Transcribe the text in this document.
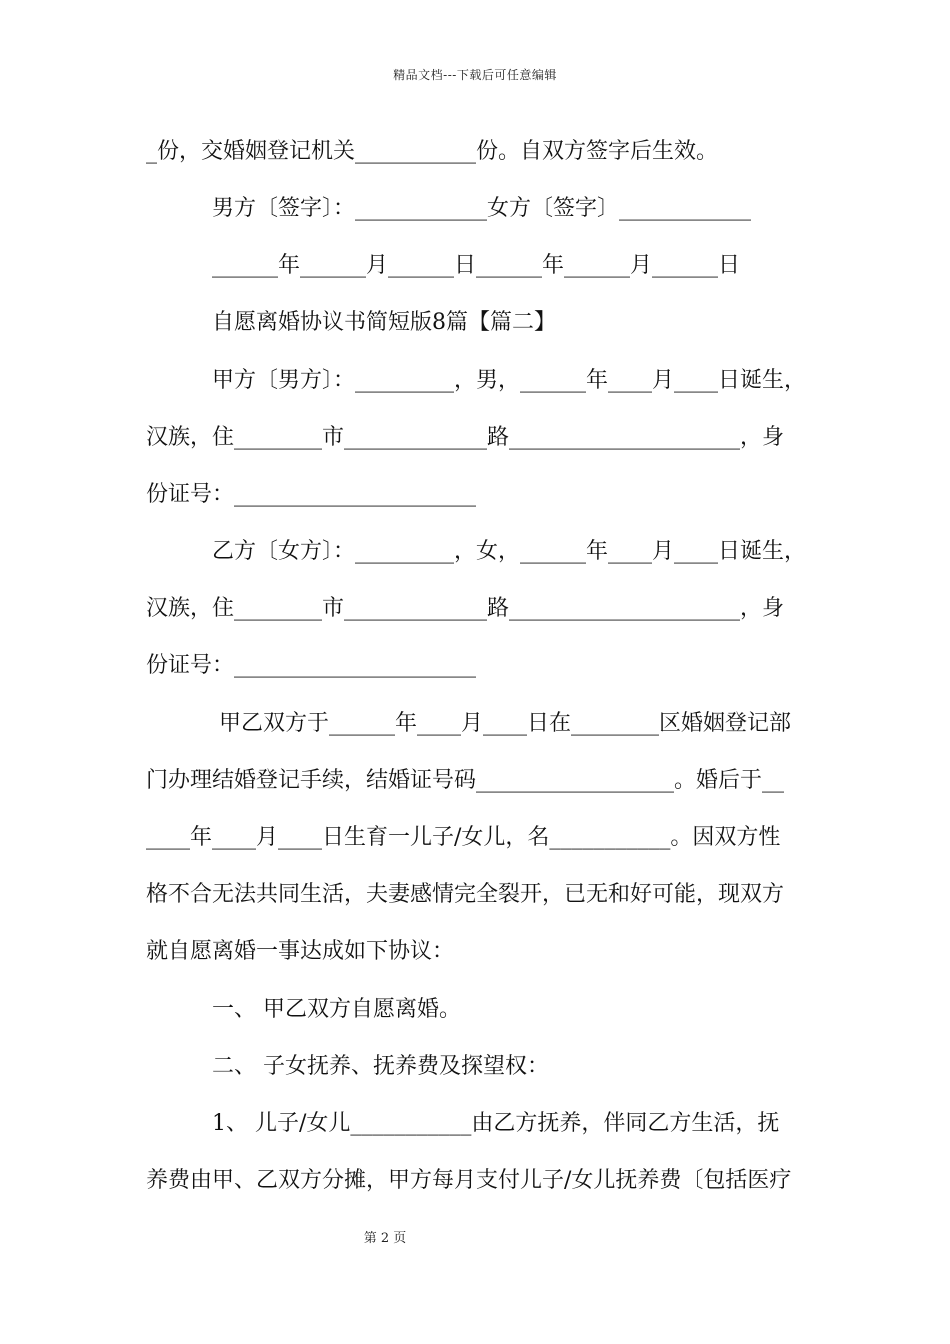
精品文档---下载后可任意编辑
_份，交婚姻登记机关___________份。自双方签字后生效。
男方〔签字〕：____________女方〔签字〕____________
______年______月______日______年______月______日
自愿离婚协议书简短版8篇【篇二】
甲方〔男方〕：_________，男，______年____月____日诞生，
汉族，住________市_____________路_____________________，身
份证号：______________________
乙方〔女方〕：_________，女，______年____月____日诞生，
汉族，住________市_____________路_____________________，身
份证号：______________________
甲乙双方于______年____月____日在________区婚姻登记部
门办理结婚登记手续，结婚证号码__________________。婚后于__
____年____月____日生育一儿子/女儿，名___________。因双方性
格不合无法共同生活，夫妻感情完全裂开，已无和好可能，现双方
就自愿离婚一事达成如下协议：
一、 甲乙双方自愿离婚。
二、 子女抚养、抚养费及探望权：
1、 儿子/女儿___________由乙方抚养，伴同乙方生活，抚
养费由甲、乙双方分摊，甲方每月支付儿子/女儿抚养费〔包括医疗
第 2 页
